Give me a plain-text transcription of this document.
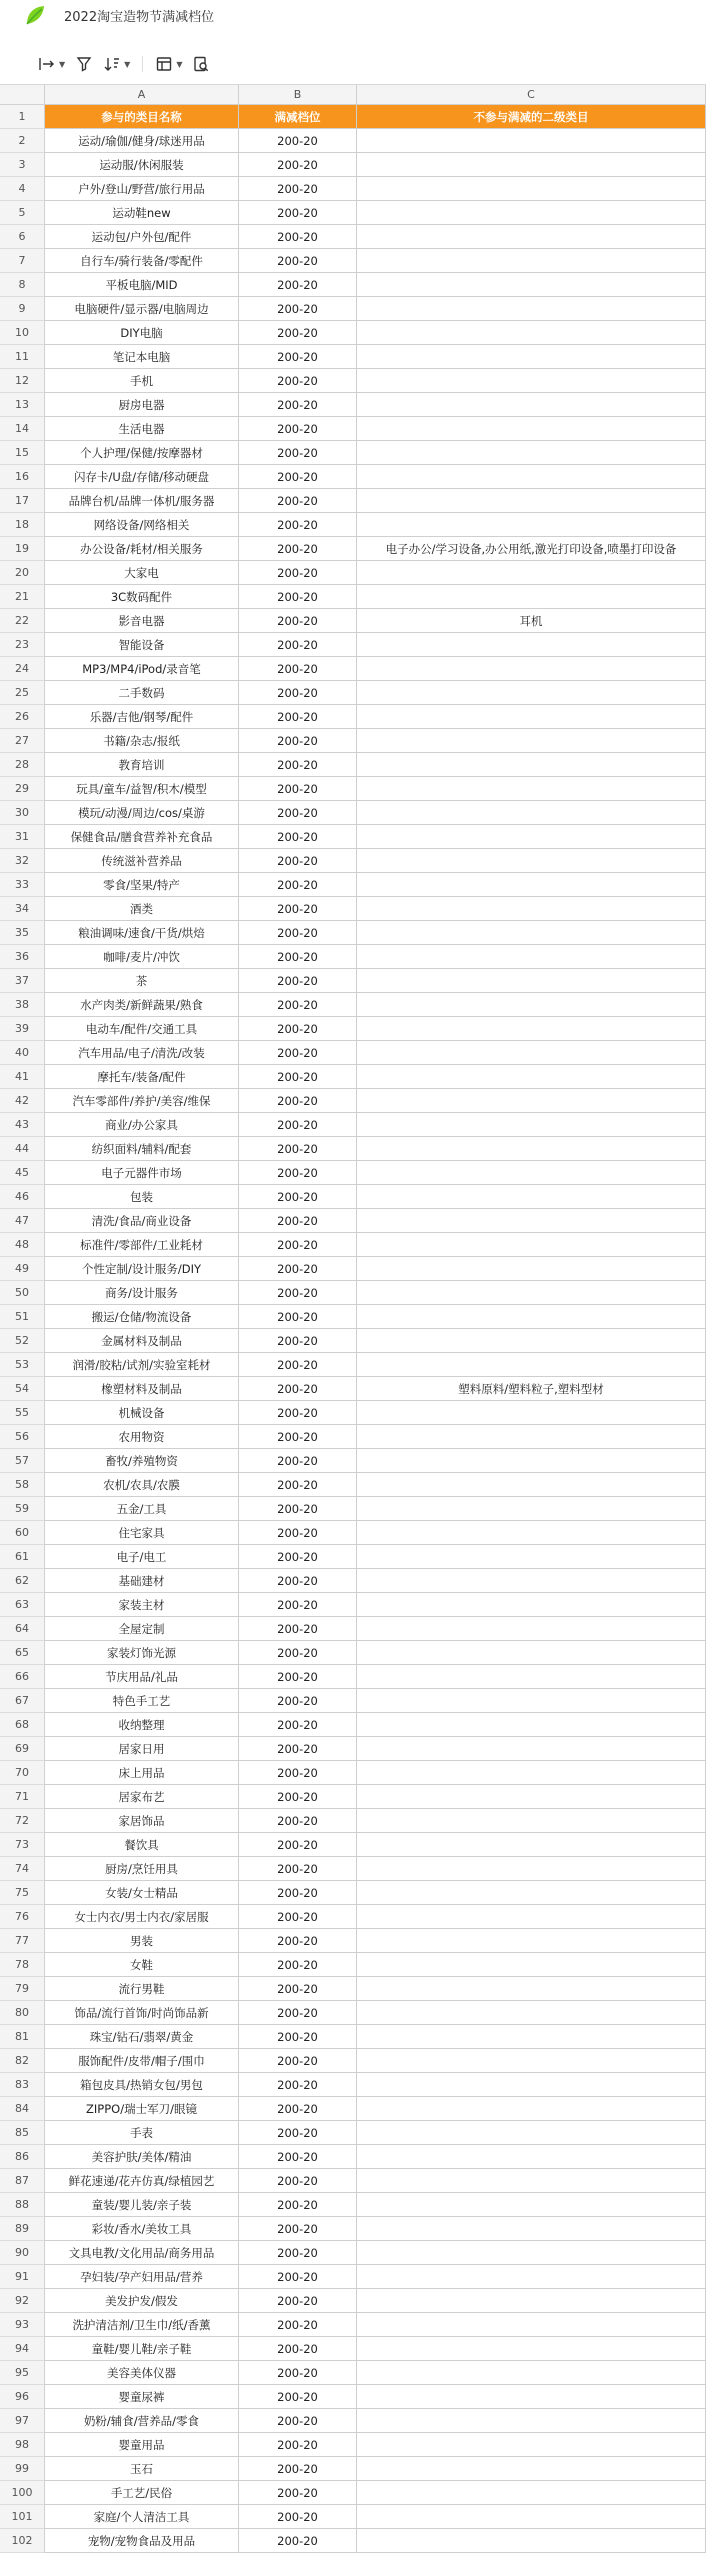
2022淘宝造物节满减档位
▼	▼	▼
A	B	C
1	参与的类目名称	满减档位	不参与满减的二级类目
2	运动/瑜伽/健身/球迷用品	200-20
3	运动服/休闲服装	200-20
4	户外/登山/野营/旅行用品	200-20
5	运动鞋new	200-20
6	运动包/户外包/配件	200-20
7	自行车/骑行装备/零配件	200-20
8	平板电脑/MID	200-20
9	电脑硬件/显示器/电脑周边	200-20
10	DIY电脑	200-20
11	笔记本电脑	200-20
12	手机	200-20
13	厨房电器	200-20
14	生活电器	200-20
15	个人护理/保健/按摩器材	200-20
16	闪存卡/U盘/存储/移动硬盘	200-20
17	品牌台机/品牌一体机/服务器	200-20
18	网络设备/网络相关	200-20
19	办公设备/耗材/相关服务	200-20	电子办公/学习设备,办公用纸,激光打印设备,喷墨打印设备
20	大家电	200-20
21	3C数码配件	200-20
22	影音电器	200-20	耳机
23	智能设备	200-20
24	MP3/MP4/iPod/录音笔	200-20
25	二手数码	200-20
26	乐器/吉他/钢琴/配件	200-20
27	书籍/杂志/报纸	200-20
28	教育培训	200-20
29	玩具/童车/益智/积木/模型	200-20
30	模玩/动漫/周边/cos/桌游	200-20
31	保健食品/膳食营养补充食品	200-20
32	传统滋补营养品	200-20
33	零食/坚果/特产	200-20
34	酒类	200-20
35	粮油调味/速食/干货/烘焙	200-20
36	咖啡/麦片/冲饮	200-20
37	茶	200-20
38	水产肉类/新鲜蔬果/熟食	200-20
39	电动车/配件/交通工具	200-20
40	汽车用品/电子/清洗/改装	200-20
41	摩托车/装备/配件	200-20
42	汽车零部件/养护/美容/维保	200-20
43	商业/办公家具	200-20
44	纺织面料/辅料/配套	200-20
45	电子元器件市场	200-20
46	包装	200-20
47	清洗/食品/商业设备	200-20
48	标准件/零部件/工业耗材	200-20
49	个性定制/设计服务/DIY	200-20
50	商务/设计服务	200-20
51	搬运/仓储/物流设备	200-20
52	金属材料及制品	200-20
53	润滑/胶粘/试剂/实验室耗材	200-20
54	橡塑材料及制品	200-20	塑料原料/塑料粒子,塑料型材
55	机械设备	200-20
56	农用物资	200-20
57	畜牧/养殖物资	200-20
58	农机/农具/农膜	200-20
59	五金/工具	200-20
60	住宅家具	200-20
61	电子/电工	200-20
62	基础建材	200-20
63	家装主材	200-20
64	全屋定制	200-20
65	家装灯饰光源	200-20
66	节庆用品/礼品	200-20
67	特色手工艺	200-20
68	收纳整理	200-20
69	居家日用	200-20
70	床上用品	200-20
71	居家布艺	200-20
72	家居饰品	200-20
73	餐饮具	200-20
74	厨房/烹饪用具	200-20
75	女装/女士精品	200-20
76	女士内衣/男士内衣/家居服	200-20
77	男装	200-20
78	女鞋	200-20
79	流行男鞋	200-20
80	饰品/流行首饰/时尚饰品新	200-20
81	珠宝/钻石/翡翠/黄金	200-20
82	服饰配件/皮带/帽子/围巾	200-20
83	箱包皮具/热销女包/男包	200-20
84	ZIPPO/瑞士军刀/眼镜	200-20
85	手表	200-20
86	美容护肤/美体/精油	200-20
87	鲜花速递/花卉仿真/绿植园艺	200-20
88	童装/婴儿装/亲子装	200-20
89	彩妆/香水/美妆工具	200-20
90	文具电教/文化用品/商务用品	200-20
91	孕妇装/孕产妇用品/营养	200-20
92	美发护发/假发	200-20
93	洗护清洁剂/卫生巾/纸/香薰	200-20
94	童鞋/婴儿鞋/亲子鞋	200-20
95	美容美体仪器	200-20
96	婴童尿裤	200-20
97	奶粉/辅食/营养品/零食	200-20
98	婴童用品	200-20
99	玉石	200-20
100	手工艺/民俗	200-20
101	家庭/个人清洁工具	200-20
102	宠物/宠物食品及用品	200-20
